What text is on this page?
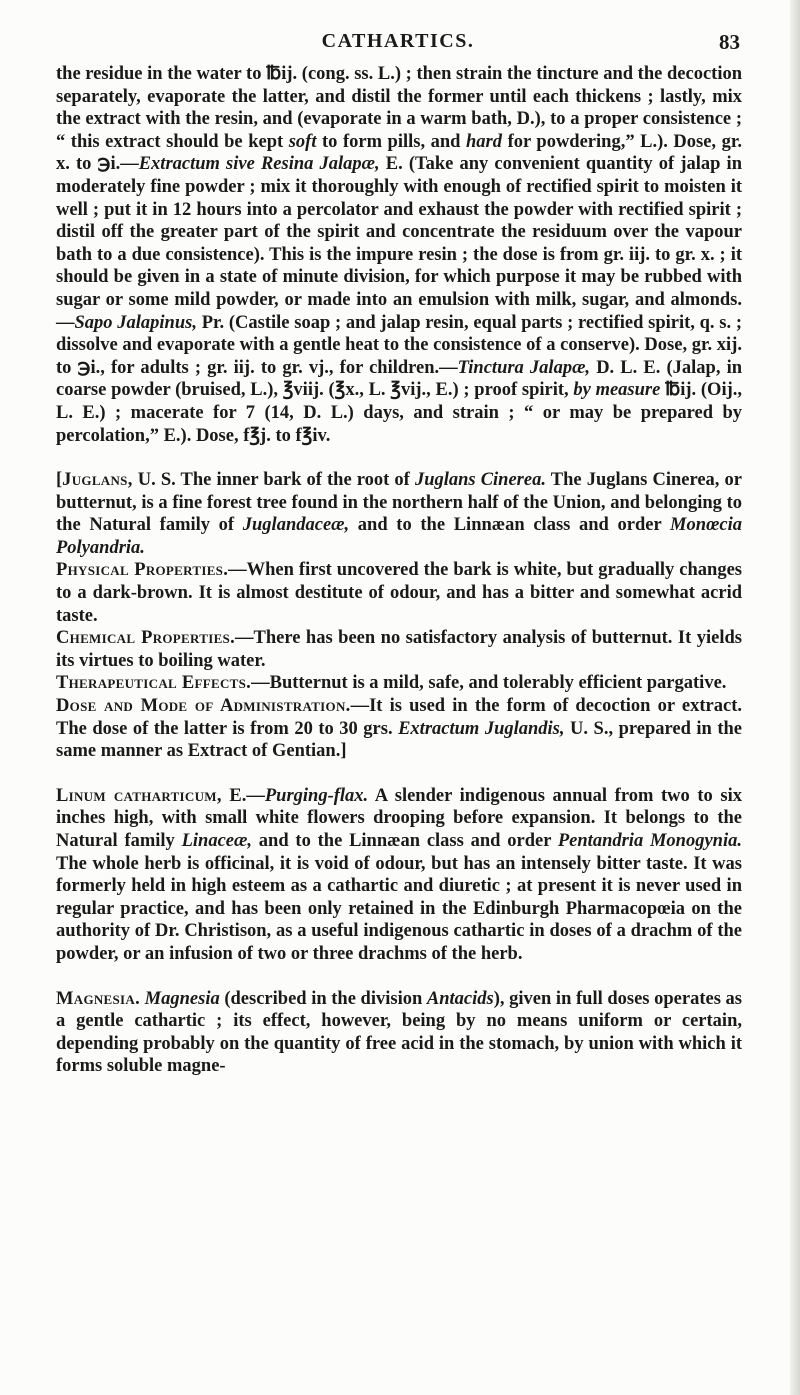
CATHARTICS.	83

the residue in the water to ℔ij. (cong. ss. L.) ; then strain the tincture and the decoction separately, evaporate the latter, and distil the former until each thickens ; lastly, mix the extract with the resin, and (evaporate in a warm bath, D.), to a proper consistence ; “ this extract should be kept soft to form pills, and hard for powdering,” L.). Dose, gr. x. to ℈i.—Extractum sive Resina Jalapæ, E. (Take any convenient quantity of jalap in moderately fine powder ; mix it thoroughly with enough of rectified spirit to moisten it well ; put it in 12 hours into a percolator and exhaust the powder with rectified spirit ; distil off the greater part of the spirit and concentrate the residuum over the vapour bath to a due consistence). This is the impure resin ; the dose is from gr. iij. to gr. x. ; it should be given in a state of minute division, for which purpose it may be rubbed with sugar or some mild powder, or made into an emulsion with milk, sugar, and almonds.—Sapo Jalapinus, Pr. (Castile soap ; and jalap resin, equal parts ; rectified spirit, q. s. ; dissolve and evaporate with a gentle heat to the consistence of a conserve). Dose, gr. xij. to ℈i., for adults ; gr. iij. to gr. vj., for children.—Tinctura Jalapæ, D. L. E. (Jalap, in coarse powder (bruised, L.), ℥viij. (℥x., L. ℥vij., E.) ; proof spirit, by measure ℔ij. (Oij., L. E.) ; macerate for 7 (14, D. L.) days, and strain ; “ or may be prepared by percolation,” E.). Dose, f℥j. to f℥iv.

[Juglans, U. S. The inner bark of the root of Juglans Cinerea. The Juglans Cinerea, or butternut, is a fine forest tree found in the northern half of the Union, and belonging to the Natural family of Juglandaceæ, and to the Linnæan class and order Monœcia Polyandria.

Physical Properties.—When first uncovered the bark is white, but gradually changes to a dark-brown. It is almost destitute of odour, and has a bitter and somewhat acrid taste.

Chemical Properties.—There has been no satisfactory analysis of butternut. It yields its virtues to boiling water.

Therapeutical Effects.—Butternut is a mild, safe, and tolerably efficient pargative.

Dose and Mode of Administration.—It is used in the form of decoction or extract. The dose of the latter is from 20 to 30 grs. Extractum Juglandis, U. S., prepared in the same manner as Extract of Gentian.]

Linum catharticum, E.—Purging-flax. A slender indigenous annual from two to six inches high, with small white flowers drooping before expansion. It belongs to the Natural family Linaceæ, and to the Linnæan class and order Pentandria Monogynia. The whole herb is officinal, it is void of odour, but has an intensely bitter taste. It was formerly held in high esteem as a cathartic and diuretic ; at present it is never used in regular practice, and has been only retained in the Edinburgh Pharmacopœia on the authority of Dr. Christison, as a useful indigenous cathartic in doses of a drachm of the powder, or an infusion of two or three drachms of the herb.

Magnesia. Magnesia (described in the division Antacids), given in full doses operates as a gentle cathartic ; its effect, however, being by no means uniform or certain, depending probably on the quantity of free acid in the stomach, by union with which it forms soluble magne-
